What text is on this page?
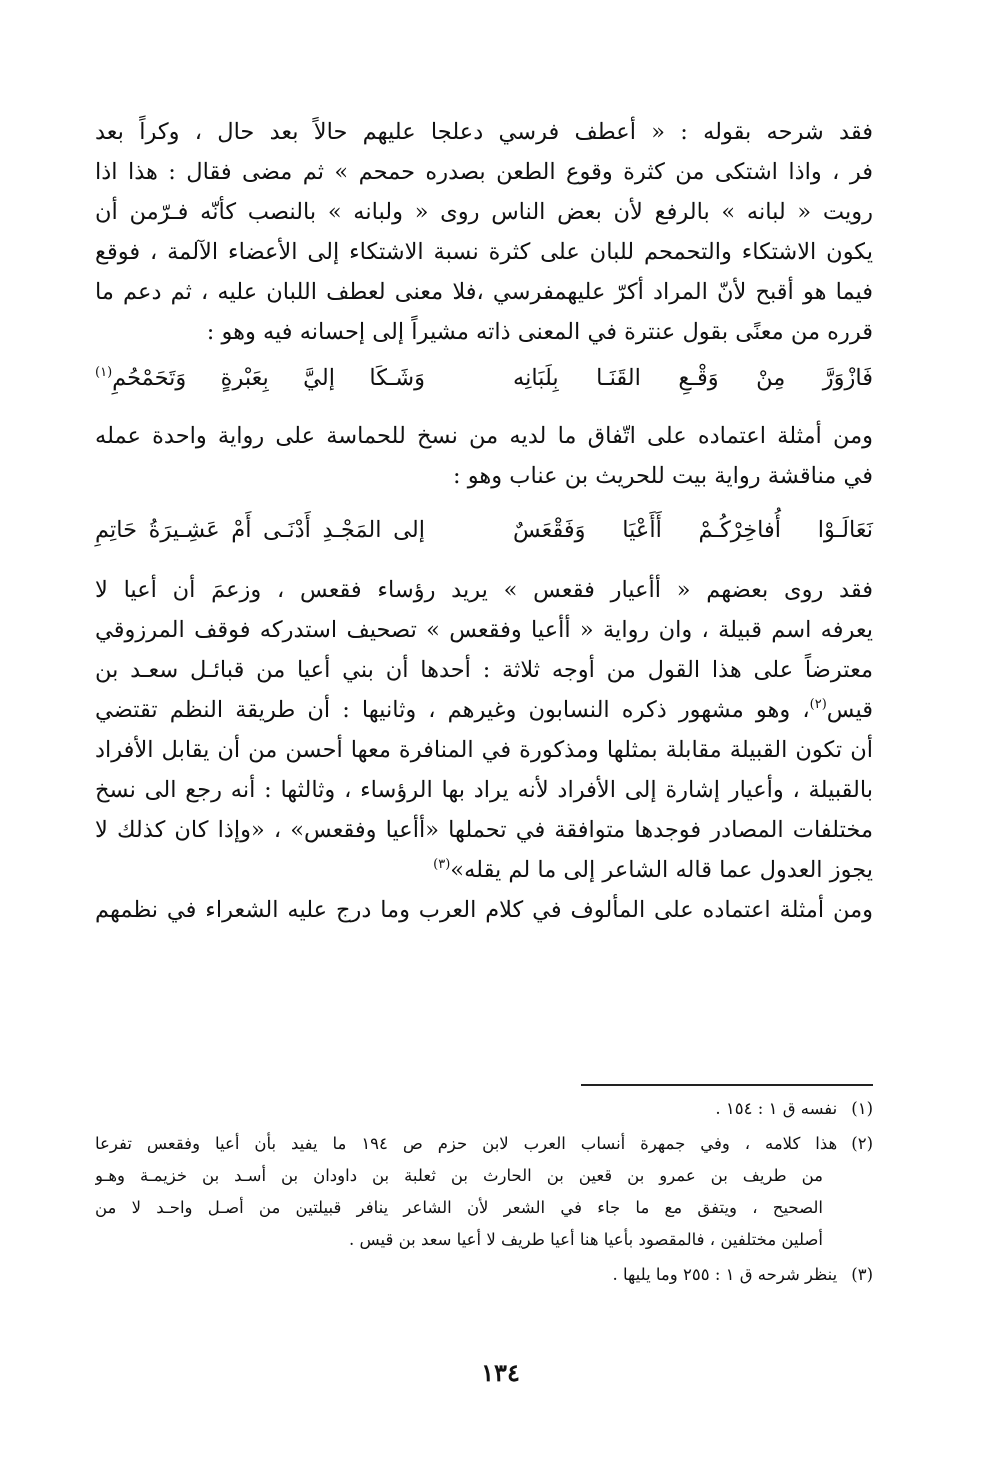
فقد شرحه بقوله : « أعطف فرسي دعلجا عليهم حالاً بعد حال ، وكراً بعد
فر ، واذا اشتكى من كثرة وقوع الطعن بصدره حمحم » ثم مضى فقال : هذا اذا
رويت « لبانه » بالرفع لأن بعض الناس روى « ولبانه » بالنصب كأنّه فـرّمن أن
يكون الاشتكاء والتحمحم للبان على كثرة نسبة الاشتكاء إلى الأعضاء الآلمة ، فوقع
فيما هو أقبح لأنّ المراد أكرّ عليهمفرسي ،فلا معنى لعطف اللبان عليه ، ثم دعم ما
قرره من معنًى بقول عنترة في المعنى ذاته مشيراً إلى إحسانه فيه وهو :
فَازْوَرَّ مِنْ وَقْـعِ القَنَـا بِلَبَانِه
وَشَـكَا إليَّ بِعَبْرةٍ وَتَحَمْحُمِ$^{(١)}$
ومن أمثلة اعتماده على اتّفاق ما لديه من نسخ للحماسة على رواية واحدة عمله
في مناقشة رواية بيت للحريث بن عناب وهو :
نَعَالَـوْا أُفاخِرْكُـمْ أَأَعْيَا وَفَقْعَسٌ
إلى المَجْـدِ أَدْنَـى أَمْ عَشِـيرَةُ حَاتِمِ
فقد روى بعضهم « أأعيار فقعس » يريد رؤساء فقعس ، وزعمَ أن أعيا لا
يعرفه اسم قبيلة ، وان رواية « أأعيا وفقعس » تصحيف استدركه فوقف المرزوقي
معترضاً على هذا القول من أوجه ثلاثة : أحدها أن بني أعيا من قبائـل سعـد بن
قيس$^{(٢)}$، وهو مشهور ذكره النسابون وغيرهم ، وثانيها : أن طريقة النظم تقتضي
أن تكون القبيلة مقابلة بمثلها ومذكورة في المنافرة معها أحسن من أن يقابل الأفراد
بالقبيلة ، وأعيار إشارة إلى الأفراد لأنه يراد بها الرؤساء ، وثالثها : أنه رجع الى نسخ
مختلفات المصادر فوجدها متوافقة في تحملها «أأعيا وفقعس» ، «وإذا كان كذلك لا
يجوز العدول عما قاله الشاعر إلى ما لم يقله»$^{(٣)}$
ومن أمثلة اعتماده على المألوف في كلام العرب وما درج عليه الشعراء في نظمهم
(١)نفسه ق ١ : ١٥٤ .
(٢)هذا كلامه ، وفي جمهرة أنساب العرب لابن حزم ص ١٩٤ ما يفيد بأن أعيا وفقعس تفرعا
من طريف بن عمرو بن قعين بن الحارث بن ثعلبة بن داودان بن أسـد بن خزيمـة وهـو
الصحيح ، ويتفق مع ما جاء في الشعر لأن الشاعر ينافر قبيلتين من أصـل واحـد لا من
أصلين مختلفين ، فالمقصود بأعيا هنا أعيا طريف لا أعيا سعد بن قيس .
(٣)ينظر شرحه ق ١ : ٢٥٥ وما يليها .
١٣٤
